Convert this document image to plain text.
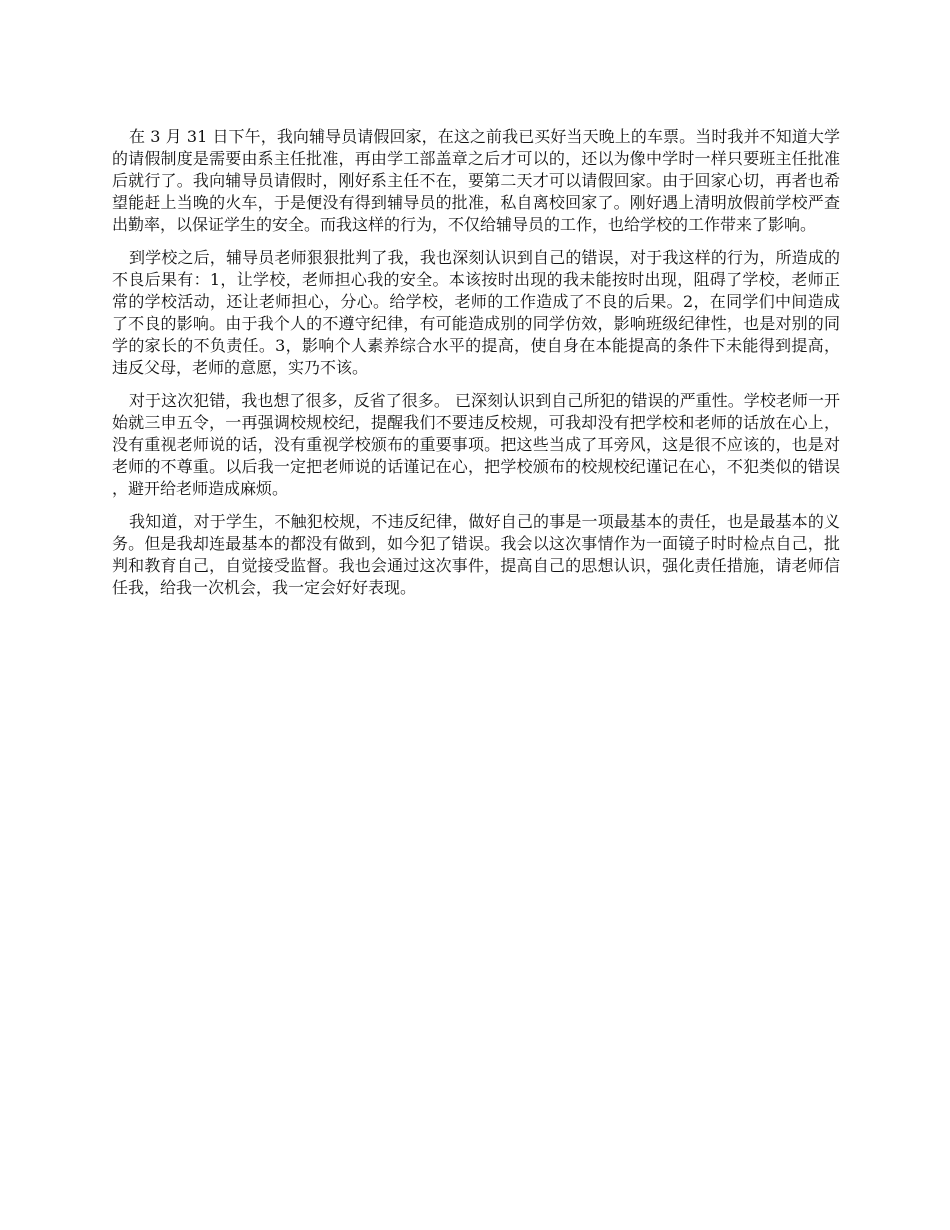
在 3 月 31 日下午，我向辅导员请假回家，在这之前我已买好当天晚上的车票。当时我并不知道大学的请假制度是需要由系主任批准，再由学工部盖章之后才可以的，还以为像中学时一样只要班主任批准后就行了。我向辅导员请假时，刚好系主任不在，要第二天才可以请假回家。由于回家心切，再者也希望能赶上当晚的火车，于是便没有得到辅导员的批准，私自离校回家了。刚好遇上清明放假前学校严查出勤率，以保证学生的安全。而我这样的行为，不仅给辅导员的工作，也给学校的工作带来了影响。

到学校之后，辅导员老师狠狠批判了我，我也深刻认识到自己的错误，对于我这样的行为，所造成的不良后果有：1，让学校，老师担心我的安全。本该按时出现的我未能按时出现，阻碍了学校，老师正常的学校活动，还让老师担心，分心。给学校，老师的工作造成了不良的后果。2，在同学们中间造成了不良的影响。由于我个人的不遵守纪律，有可能造成别的同学仿效，影响班级纪律性，也是对别的同学的家长的不负责任。3，影响个人素养综合水平的提高，使自身在本能提高的条件下未能得到提高，违反父母，老师的意愿，实乃不该。

对于这次犯错，我也想了很多，反省了很多。 已深刻认识到自己所犯的错误的严重性。学校老师一开始就三申五令，一再强调校规校纪，提醒我们不要违反校规，可我却没有把学校和老师的话放在心上，没有重视老师说的话，没有重视学校颁布的重要事项。把这些当成了耳旁风，这是很不应该的，也是对老师的不尊重。以后我一定把老师说的话谨记在心，把学校颁布的校规校纪谨记在心，不犯类似的错误，避开给老师造成麻烦。

我知道，对于学生，不触犯校规，不违反纪律，做好自己的事是一项最基本的责任，也是最基本的义务。但是我却连最基本的都没有做到，如今犯了错误。我会以这次事情作为一面镜子时时检点自己，批判和教育自己，自觉接受监督。我也会通过这次事件，提高自己的思想认识，强化责任措施，请老师信任我，给我一次机会，我一定会好好表现。
